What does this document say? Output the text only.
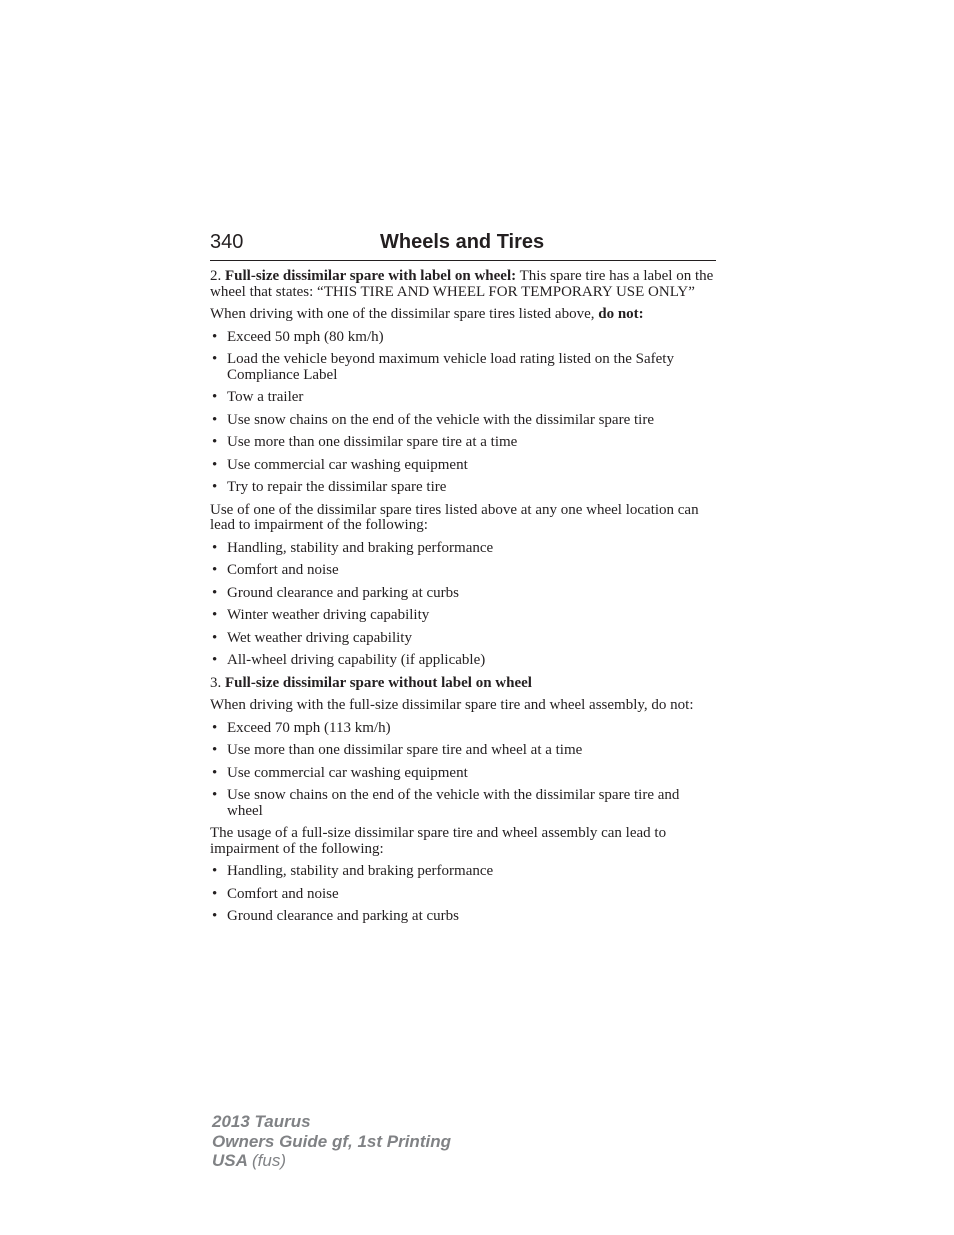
340	Wheels and Tires

2. Full-size dissimilar spare with label on wheel: This spare tire has a label on the wheel that states: “THIS TIRE AND WHEEL FOR TEMPORARY USE ONLY”

When driving with one of the dissimilar spare tires listed above, do not:

• Exceed 50 mph (80 km/h)
• Load the vehicle beyond maximum vehicle load rating listed on the Safety Compliance Label
• Tow a trailer
• Use snow chains on the end of the vehicle with the dissimilar spare tire
• Use more than one dissimilar spare tire at a time
• Use commercial car washing equipment
• Try to repair the dissimilar spare tire

Use of one of the dissimilar spare tires listed above at any one wheel location can lead to impairment of the following:

• Handling, stability and braking performance
• Comfort and noise
• Ground clearance and parking at curbs
• Winter weather driving capability
• Wet weather driving capability
• All-wheel driving capability (if applicable)

3. Full-size dissimilar spare without label on wheel

When driving with the full-size dissimilar spare tire and wheel assembly, do not:

• Exceed 70 mph (113 km/h)
• Use more than one dissimilar spare tire and wheel at a time
• Use commercial car washing equipment
• Use snow chains on the end of the vehicle with the dissimilar spare tire and wheel

The usage of a full-size dissimilar spare tire and wheel assembly can lead to impairment of the following:

• Handling, stability and braking performance
• Comfort and noise
• Ground clearance and parking at curbs
2013 Taurus
Owners Guide gf, 1st Printing
USA (fus)
